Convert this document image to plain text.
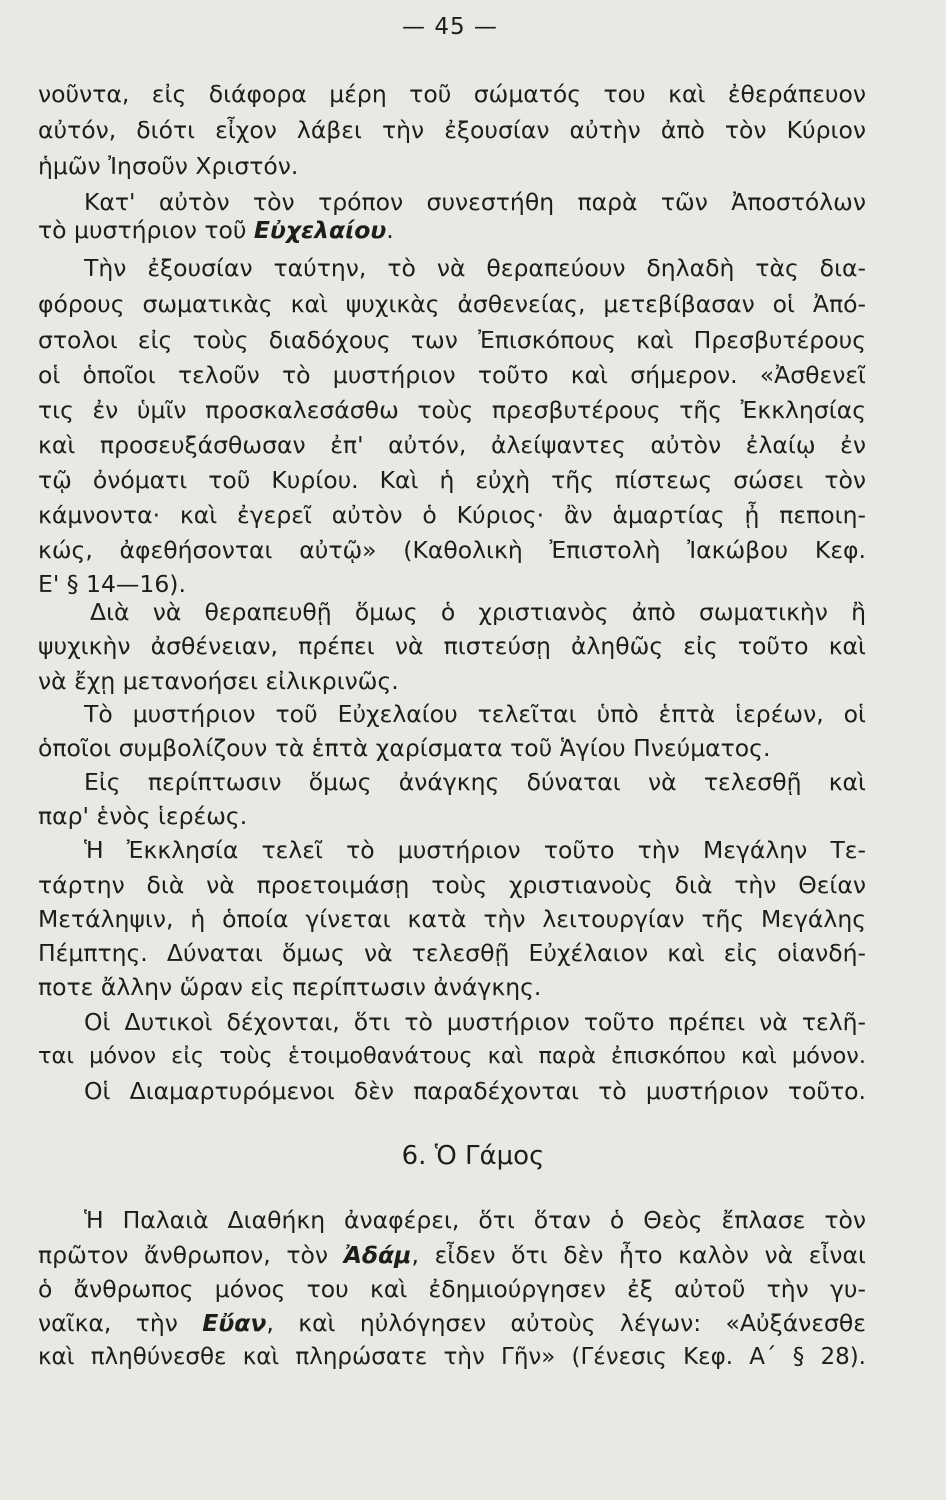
— 45 —
νοῦντα, εἰς διάφορα μέρη τοῦ σώματός του καὶ ἐθεράπευον
αὐτόν, διότι εἶχον λάβει τὴν ἐξουσίαν αὐτὴν ἀπὸ τὸν Κύριον
ἡμῶν Ἰησοῦν Χριστόν.
Κατ' αὐτὸν τὸν τρόπον συνεστήθη παρὰ τῶν Ἀποστόλων
τὸ μυστήριον τοῦ Εὐχελαίου.
Τὴν ἐξουσίαν ταύτην, τὸ νὰ θεραπεύουν δηλαδὴ τὰς δια-
φόρους σωματικὰς καὶ ψυχικὰς ἀσθενείας, μετεβίβασαν οἱ Ἀπό-
στολοι εἰς τοὺς διαδόχους των Ἐπισκόπους καὶ Πρεσβυτέρους
οἱ ὁποῖοι τελοῦν τὸ μυστήριον τοῦτο καὶ σήμερον. «Ἀσθενεῖ
τις ἐν ὑμῖν προσκαλεσάσθω τοὺς πρεσβυτέρους τῆς Ἐκκλησίας
καὶ προσευξάσθωσαν ἐπ' αὐτόν, ἀλείψαντες αὐτὸν ἐλαίῳ ἐν
τῷ ὀνόματι τοῦ Κυρίου. Καὶ ἡ εὐχὴ τῆς πίστεως σώσει τὸν
κάμνοντα· καὶ ἐγερεῖ αὐτὸν ὁ Κύριος· ἂν ἁμαρτίας ᾖ πεποιη-
κώς, ἀφεθήσονται αὐτῷ» (Καθολικὴ Ἐπιστολὴ Ἰακώβου Κεφ.
Ε' § 14—16).
Διὰ νὰ θεραπευθῇ ὅμως ὁ χριστιανὸς ἀπὸ σωματικὴν ἢ
ψυχικὴν ἀσθένειαν, πρέπει νὰ πιστεύσῃ ἀληθῶς εἰς τοῦτο καὶ
νὰ ἔχῃ μετανοήσει εἰλικρινῶς.
Τὸ μυστήριον τοῦ Εὐχελαίου τελεῖται ὑπὸ ἑπτὰ ἱερέων, οἱ
ὁποῖοι συμβολίζουν τὰ ἑπτὰ χαρίσματα τοῦ Ἁγίου Πνεύματος.
Εἰς περίπτωσιν ὅμως ἀνάγκης δύναται νὰ τελεσθῇ καὶ
παρ' ἑνὸς ἱερέως.
Ἡ Ἐκκλησία τελεῖ τὸ μυστήριον τοῦτο τὴν Μεγάλην Τε-
τάρτην διὰ νὰ προετοιμάσῃ τοὺς χριστιανοὺς διὰ τὴν Θείαν
Μετάληψιν, ἡ ὁποία γίνεται κατὰ τὴν λειτουργίαν τῆς Μεγάλης
Πέμπτης. Δύναται ὅμως νὰ τελεσθῇ Εὐχέλαιον καὶ εἰς οἱανδή-
ποτε ἄλλην ὥραν εἰς περίπτωσιν ἀνάγκης.
Οἱ Δυτικοὶ δέχονται, ὅτι τὸ μυστήριον τοῦτο πρέπει νὰ τελῆ-
ται μόνον εἰς τοὺς ἑτοιμοθανάτους καὶ παρὰ ἐπισκόπου καὶ μόνον.
Οἱ Διαμαρτυρόμενοι δὲν παραδέχονται τὸ μυστήριον τοῦτο.
6. Ὁ Γάμος
Ἡ Παλαιὰ Διαθήκη ἀναφέρει, ὅτι ὅταν ὁ Θεὸς ἔπλασε τὸν
πρῶτον ἄνθρωπον, τὸν Ἀδάμ, εἶδεν ὅτι δὲν ἦτο καλὸν νὰ εἶναι
ὁ ἄνθρωπος μόνος του καὶ ἐδημιούργησεν ἐξ αὐτοῦ τὴν γυ-
ναῖκα, τὴν Εὔαν, καὶ ηὐλόγησεν αὐτοὺς λέγων: «Αὐξάνεσθε
καὶ πληθύνεσθε καὶ πληρώσατε τὴν Γῆν» (Γένεσις Κεφ. Α΄ § 28).
